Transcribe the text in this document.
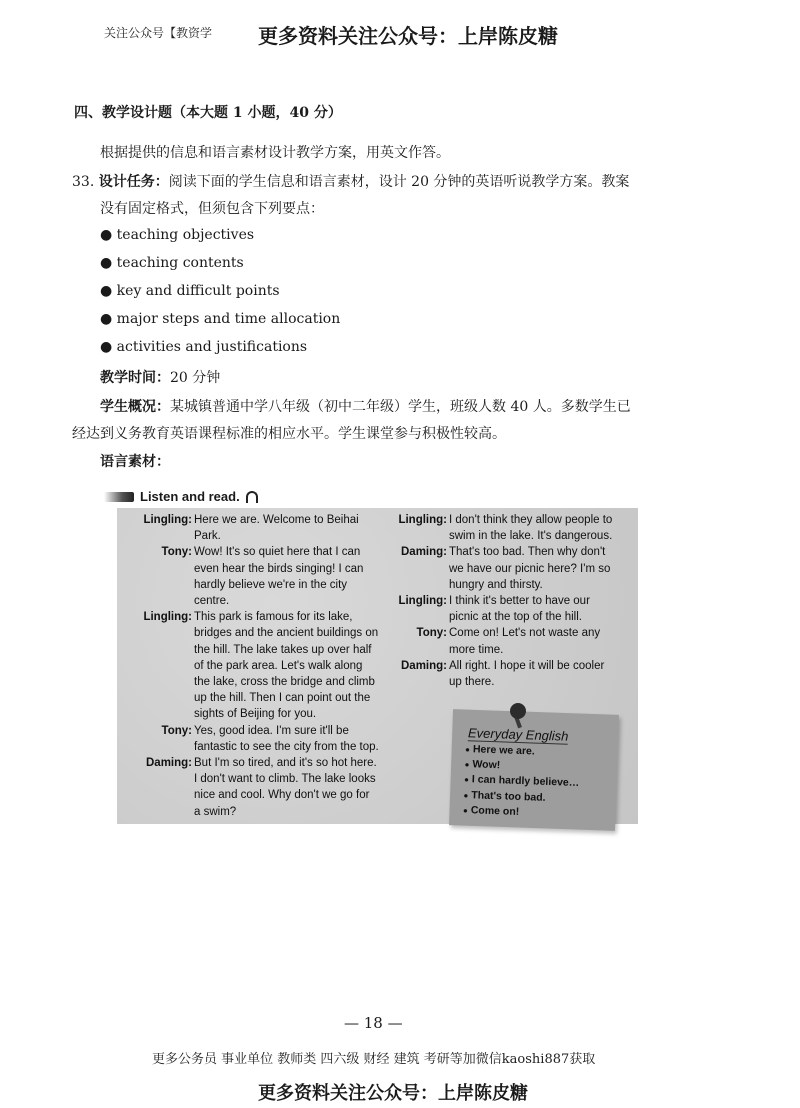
关注公众号【教资学 更多资料关注公众号：上岸陈皮糖
四、教学设计题（本大题 1 小题，40 分）
根据提供的信息和语言素材设计教学方案，用英文作答。
33. 设计任务：阅读下面的学生信息和语言素材，设计 20 分钟的英语听说教学方案。教案
没有固定格式，但须包含下列要点：
● teaching objectives
● teaching contents
● key and difficult points
● major steps and time allocation
● activities and justifications
教学时间：20 分钟
学生概况：某城镇普通中学八年级（初中二年级）学生，班级人数 40 人。多数学生已
经达到义务教育英语课程标准的相应水平。学生课堂参与积极性较高。
语言素材：
Listen and read.
Lingling: Here we are. Welcome to Beihai
Park.
Tony: Wow! It's so quiet here that I can
even hear the birds singing! I can
hardly believe we're in the city
centre.
Lingling: This park is famous for its lake,
bridges and the ancient buildings on
the hill. The lake takes up over half
of the park area. Let's walk along
the lake, cross the bridge and climb
up the hill. Then I can point out the
sights of Beijing for you.
Tony: Yes, good idea. I'm sure it'll be
fantastic to see the city from the top.
Daming: But I'm so tired, and it's so hot here.
I don't want to climb. The lake looks
nice and cool. Why don't we go for
a swim?
Lingling: I don't think they allow people to
swim in the lake. It's dangerous.
Daming: That's too bad. Then why don't
we have our picnic here? I'm so
hungry and thirsty.
Lingling: I think it's better to have our
picnic at the top of the hill.
Tony: Come on! Let's not waste any
more time.
Daming: All right. I hope it will be cooler
up there.
Everyday English
● Here we are.
● Wow!
● I can hardly believe…
● That's too bad.
● Come on!
— 18 —
更多公务员 事业单位 教师类 四六级 财经 建筑 考研等加微信kaoshi887获取
更多资料关注公众号：上岸陈皮糖
